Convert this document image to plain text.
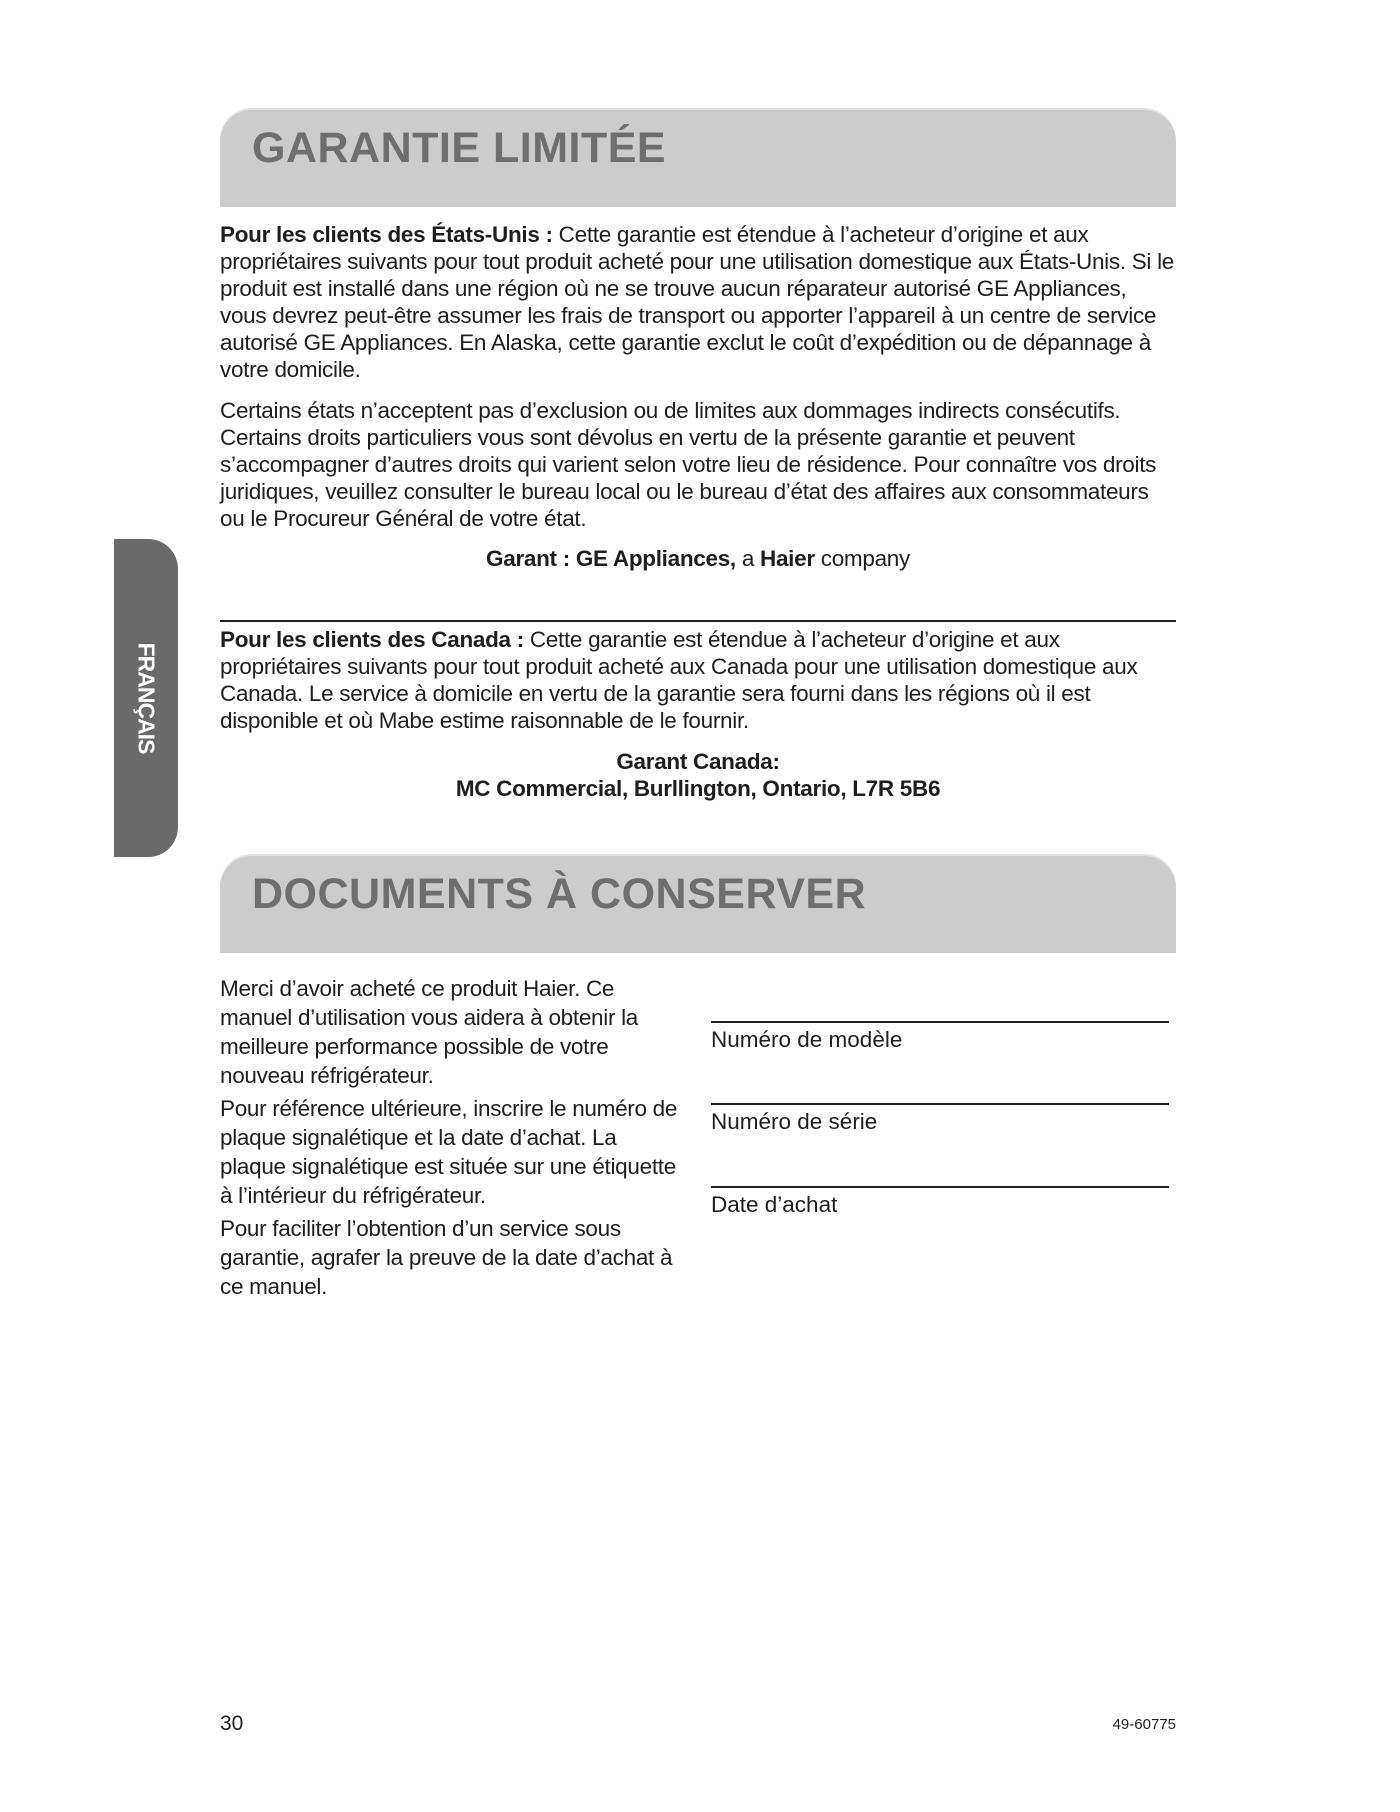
FRANÇAIS
GARANTIE LIMITÉE

Pour les clients des États-Unis : Cette garantie est étendue à l’acheteur d’origine et aux propriétaires suivants pour tout produit acheté pour une utilisation domestique aux États-Unis. Si le produit est installé dans une région où ne se trouve aucun réparateur autorisé GE Appliances, vous devrez peut-être assumer les frais de transport ou apporter l’appareil à un centre de service autorisé GE Appliances. En Alaska, cette garantie exclut le coût d’expédition ou de dépannage à votre domicile.

Certains états n’acceptent pas d’exclusion ou de limites aux dommages indirects consécutifs. Certains droits particuliers vous sont dévolus en vertu de la présente garantie et peuvent s’accompagner d’autres droits qui varient selon votre lieu de résidence. Pour connaître vos droits juridiques, veuillez consulter le bureau local ou le bureau d’état des affaires aux consommateurs ou le Procureur Général de votre état.

Garant : GE Appliances, a Haier company

Pour les clients des Canada : Cette garantie est étendue à l’acheteur d’origine et aux propriétaires suivants pour tout produit acheté aux Canada pour une utilisation domestique aux Canada. Le service à domicile en vertu de la garantie sera fourni dans les régions où il est disponible et où Mabe estime raisonnable de le fournir.

Garant Canada:
MC Commercial, Burllington, Ontario, L7R 5B6

DOCUMENTS À CONSERVER

Merci d’avoir acheté ce produit Haier. Ce manuel d’utilisation vous aidera à obtenir la meilleure performance possible de votre nouveau réfrigérateur.

Pour référence ultérieure, inscrire le numéro de plaque signalétique et la date d’achat. La plaque signalétique est située sur une étiquette à l’intérieur du réfrigérateur.

Pour faciliter l’obtention d’un service sous garantie, agrafer la preuve de la date d’achat à ce manuel.

Numéro de modèle
Numéro de série
Date d’achat
30	49-60775
